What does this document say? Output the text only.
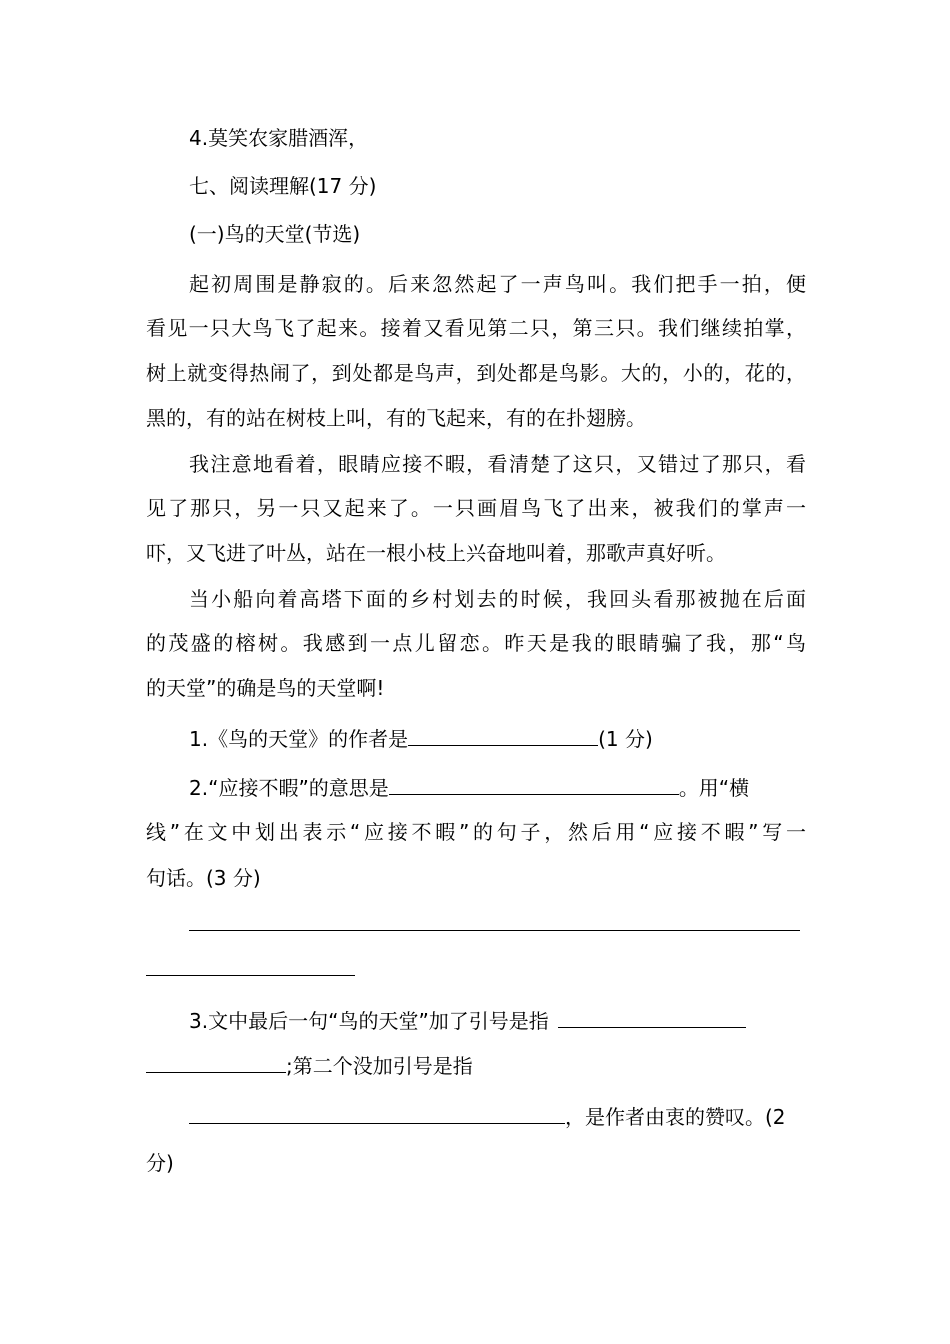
4.莫笑农家腊酒浑，
七、阅读理解(17 分)
(一)鸟的天堂(节选)
起初周围是静寂的。后来忽然起了一声鸟叫。我们把手一拍，便
看见一只大鸟飞了起来。接着又看见第二只，第三只。我们继续拍掌，
树上就变得热闹了，到处都是鸟声，到处都是鸟影。大的，小的，花的，
黑的，有的站在树枝上叫，有的飞起来，有的在扑翅膀。
我注意地看着，眼睛应接不暇，看清楚了这只，又错过了那只，看
见了那只，另一只又起来了。一只画眉鸟飞了出来，被我们的掌声一
吓，又飞进了叶丛，站在一根小枝上兴奋地叫着，那歌声真好听。
当小船向着高塔下面的乡村划去的时候，我回头看那被抛在后面
的茂盛的榕树。我感到一点儿留恋。昨天是我的眼睛骗了我，那“鸟
的天堂”的确是鸟的天堂啊!
1.《鸟的天堂》的作者是	(1 分)
2.“应接不暇”的意思是	。用“横
线”在文中划出表示“应接不暇”的句子，然后用“应接不暇”写一
句话。(3 分)
3.文中最后一句“鸟的天堂”加了引号是指
;第二个没加引号是指
，是作者由衷的赞叹。(2
分)
